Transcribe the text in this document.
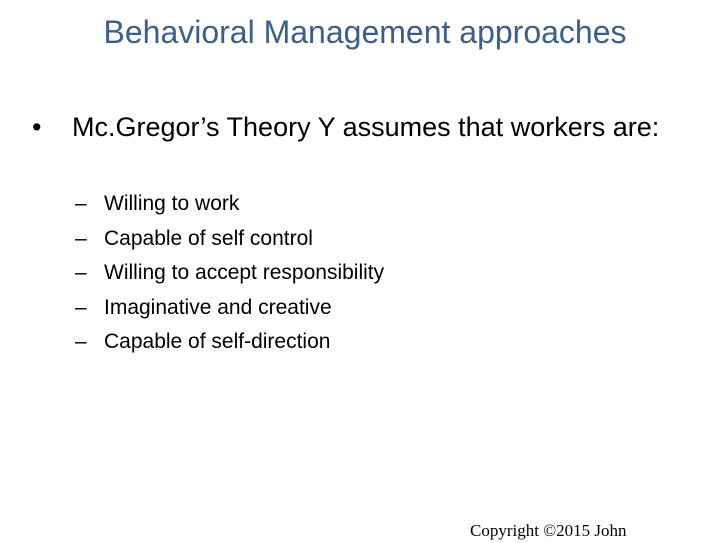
Behavioral Management approaches
•	Mc.Gregor’s Theory Y assumes that workers are:
– Willing to work
– Capable of self control
– Willing to accept responsibility
– Imaginative and creative
– Capable of self-direction
Copyright ©2015 John
